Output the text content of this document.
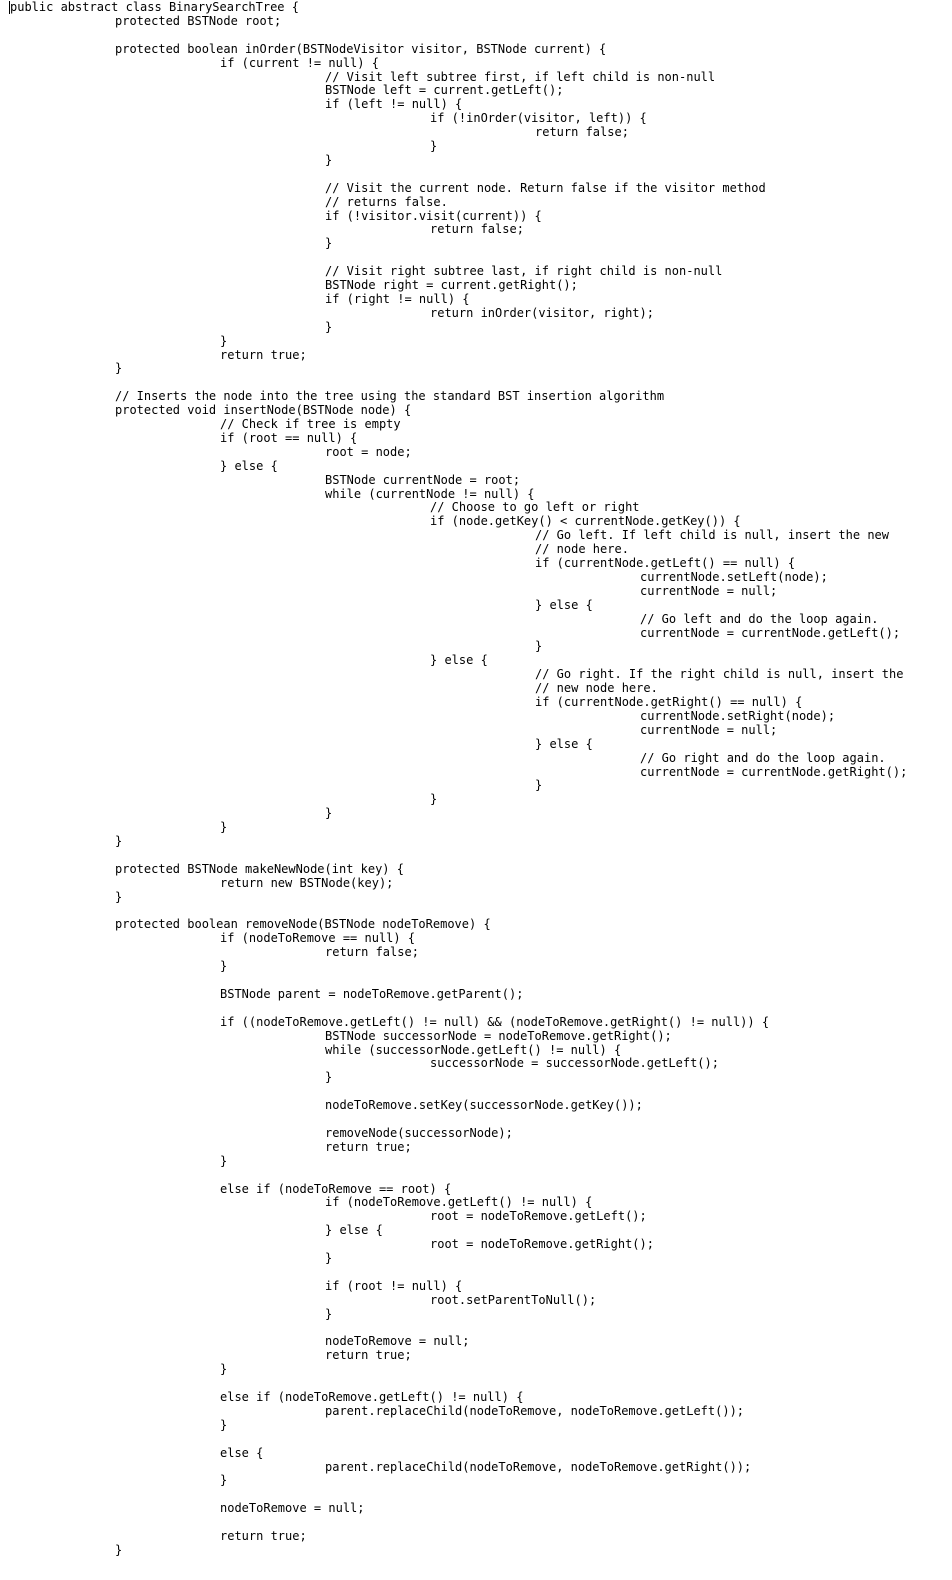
public abstract class BinarySearchTree {
protected BSTNode root;
protected boolean inOrder(BSTNodeVisitor visitor, BSTNode current) {
if (current != null) {
// Visit left subtree first, if left child is non-null
BSTNode left = current.getLeft();
if (left != null) {
if (!inOrder(visitor, left)) {
return false;
}
}
// Visit the current node. Return false if the visitor method
// returns false.
if (!visitor.visit(current)) {
return false;
}
// Visit right subtree last, if right child is non-null
BSTNode right = current.getRight();
if (right != null) {
return inOrder(visitor, right);
}
}
return true;
}
// Inserts the node into the tree using the standard BST insertion algorithm
protected void insertNode(BSTNode node) {
// Check if tree is empty
if (root == null) {
root = node;
} else {
BSTNode currentNode = root;
while (currentNode != null) {
// Choose to go left or right
if (node.getKey() < currentNode.getKey()) {
// Go left. If left child is null, insert the new
// node here.
if (currentNode.getLeft() == null) {
currentNode.setLeft(node);
currentNode = null;
} else {
// Go left and do the loop again.
currentNode = currentNode.getLeft();
}
} else {
// Go right. If the right child is null, insert the
// new node here.
if (currentNode.getRight() == null) {
currentNode.setRight(node);
currentNode = null;
} else {
// Go right and do the loop again.
currentNode = currentNode.getRight();
}
}
}
}
}
protected BSTNode makeNewNode(int key) {
return new BSTNode(key);
}
protected boolean removeNode(BSTNode nodeToRemove) {
if (nodeToRemove == null) {
return false;
}
BSTNode parent = nodeToRemove.getParent();
if ((nodeToRemove.getLeft() != null) && (nodeToRemove.getRight() != null)) {
BSTNode successorNode = nodeToRemove.getRight();
while (successorNode.getLeft() != null) {
successorNode = successorNode.getLeft();
}
nodeToRemove.setKey(successorNode.getKey());
removeNode(successorNode);
return true;
}
else if (nodeToRemove == root) {
if (nodeToRemove.getLeft() != null) {
root = nodeToRemove.getLeft();
} else {
root = nodeToRemove.getRight();
}
if (root != null) {
root.setParentToNull();
}
nodeToRemove = null;
return true;
}
else if (nodeToRemove.getLeft() != null) {
parent.replaceChild(nodeToRemove, nodeToRemove.getLeft());
}
else {
parent.replaceChild(nodeToRemove, nodeToRemove.getRight());
}
nodeToRemove = null;
return true;
}
